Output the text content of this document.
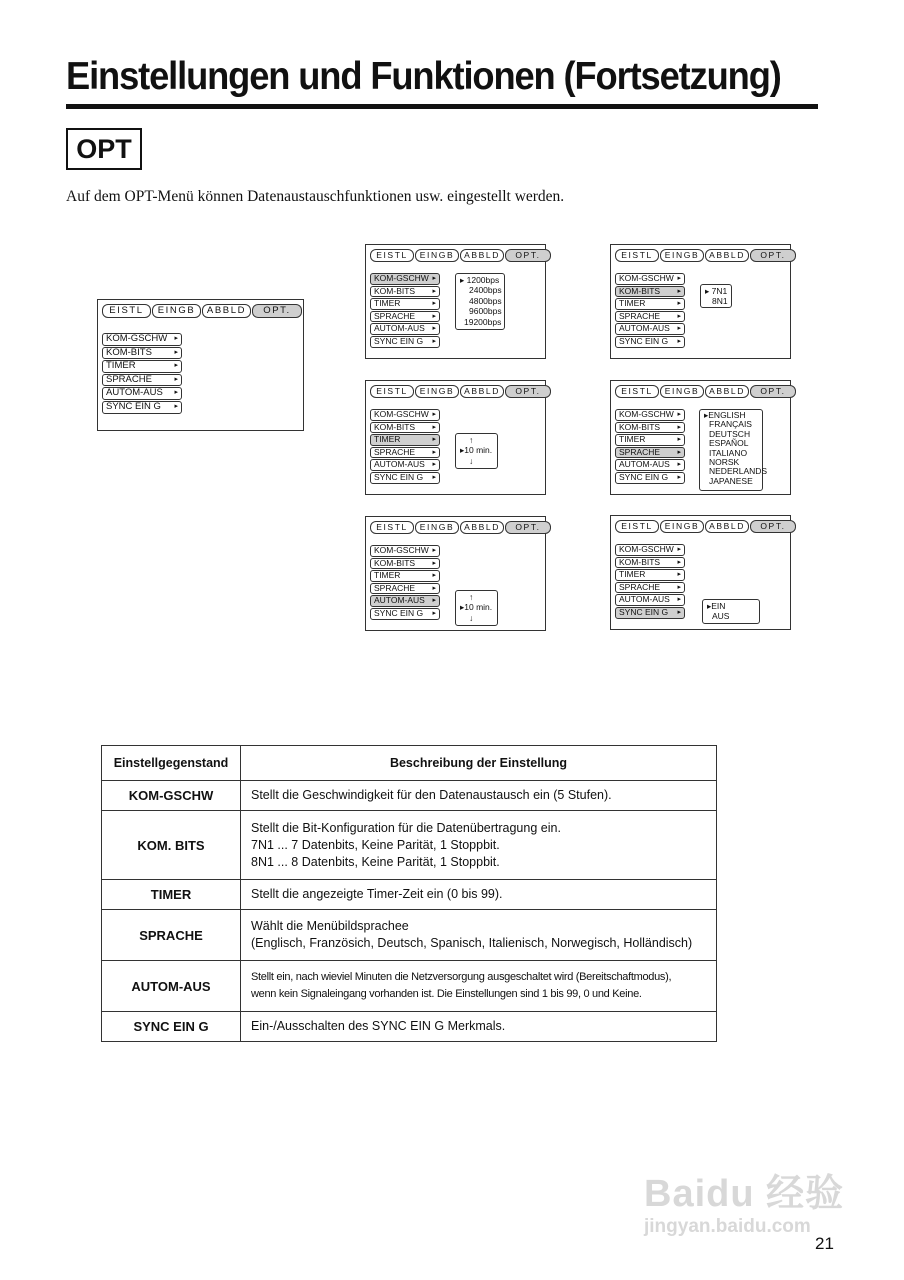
Einstellungen und Funktionen (Fortsetzung)
OPT
Auf dem OPT-Menü können Datenaustauschfunktionen usw. eingestellt werden.
EISTL	EINGB	ABBLD	OPT.
KOM-GSCHW ▸
KOM-BITS	▸
TIMER	▸
SPRACHE	▸
AUTOM-AUS ▸
SYNC EIN G ▸
EISTL	EINGB	ABBLD	OPT.
KOM-GSCHW ▸
KOM-BITS ▸
TIMER	▸
SPRACHE ▸
AUTOM-AUS ▸
SYNC EIN G ▸
▸ 1200bps
2400bps
4800bps
9600bps
19200bps
EISTL	EINGB	ABBLD	OPT.
KOM-GSCHW ▸
KOM-BITS ▸
TIMER	▸
SPRACHE ▸
AUTOM-AUS ▸
SYNC EIN G ▸
▸ 7N1
8N1
EISTL	EINGB	ABBLD	OPT.
KOM-GSCHW ▸
KOM-BITS ▸
TIMER	▸
SPRACHE ▸
AUTOM-AUS ▸
SYNC EIN G ▸
↑
▸10 min.
↓
EISTL	EINGB	ABBLD	OPT.
KOM-GSCHW ▸
KOM-BITS ▸
TIMER	▸
SPRACHE ▸
AUTOM-AUS ▸
SYNC EIN G ▸
▸ENGLISH
FRANÇAIS
DEUTSCH
ESPAÑOL
ITALIANO
NORSK
NEDERLANDS
JAPANESE
EISTL	EINGB	ABBLD	OPT.
KOM-GSCHW ▸
KOM-BITS ▸
TIMER	▸
SPRACHE ▸
AUTOM-AUS ▸
SYNC EIN G ▸
↑
▸10 min.
↓
EISTL	EINGB	ABBLD	OPT.
KOM-GSCHW ▸
KOM-BITS ▸
TIMER	▸
SPRACHE ▸
AUTOM-AUS ▸
SYNC EIN G ▸
▸EIN
AUS
Einstellgegenstand	Beschreibung der Einstellung
KOM-GSCHW	Stellt die Geschwindigkeit für den Datenaustausch ein (5 Stufen).

KOM. BITS	Stellt die Bit-Konfiguration für die Datenübertragung ein.
7N1 ... 7 Datenbits, Keine Parität, 1 Stoppbit.
8N1 ... 8 Datenbits, Keine Parität, 1 Stoppbit.

TIMER	Stellt die angezeigte Timer-Zeit ein (0 bis 99).

SPRACHE	Wählt die Menübildsprachee
(Englisch, Französich, Deutsch, Spanisch, Italienisch, Norwegisch, Holländisch)

AUTOM-AUS	Stellt ein, nach wieviel Minuten die Netzversorgung ausgeschaltet wird (Bereitschaftmodus),
wenn kein Signaleingang vorhanden ist. Die Einstellungen sind 1 bis 99, 0 und Keine.

SYNC EIN G	Ein-/Ausschalten des SYNC EIN G Merkmals.
Baidu 经验
jingyan.baidu.com
21
